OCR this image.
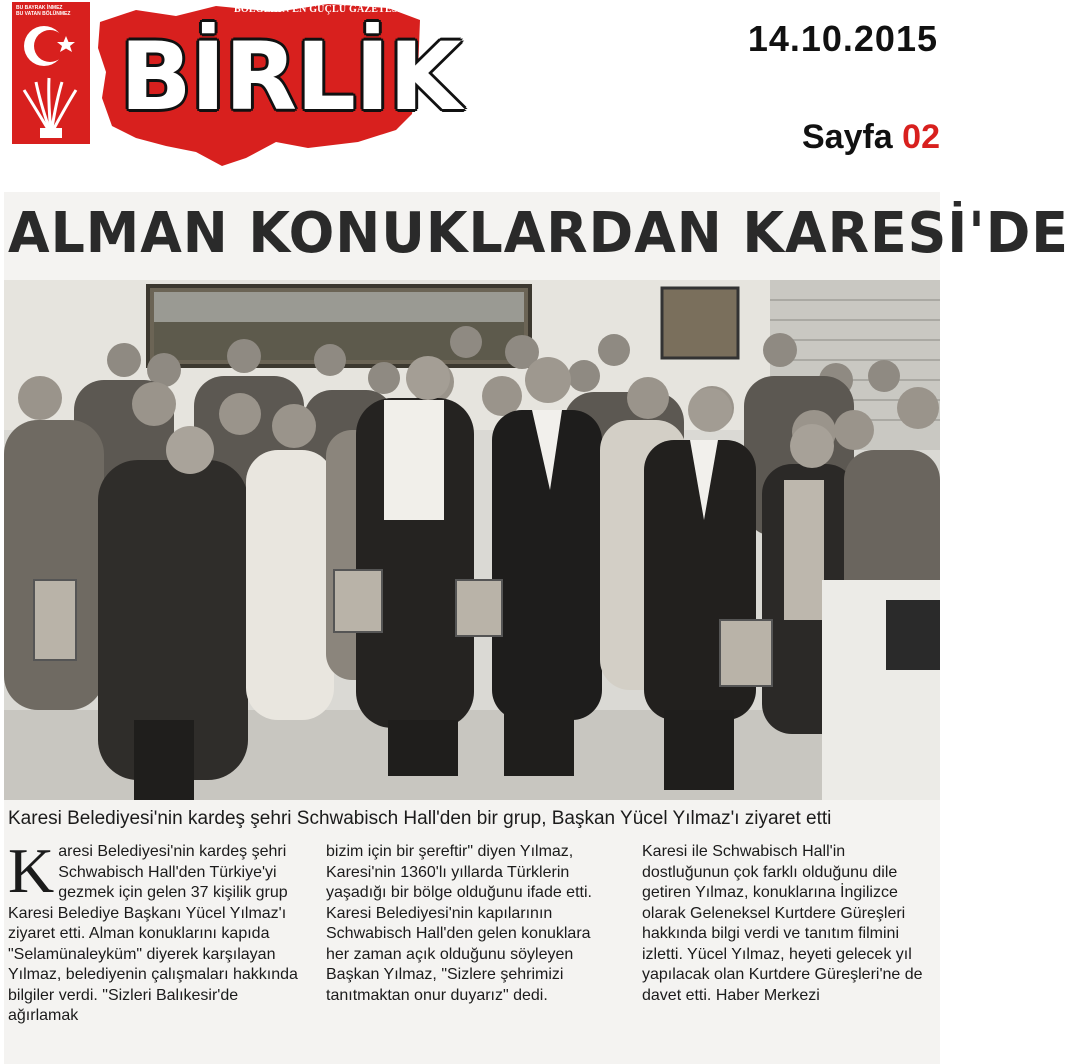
BU BAYRAK İNMEZ
BU VATAN BÖLÜNMEZ	BÖLGENİN EN GÜÇLÜ GAZETESİ
BİRLİK	14.10.2015
Sayfa 02
ALMAN KONUKLARDAN KARESİ'DE
Karesi Belediyesi'nin kardeş şehri Schwabisch Hall'den bir grup, Başkan Yücel Yılmaz'ı ziyaret etti
K aresi Belediyesi'nin kardeş şehri Schwabisch Hall'den Türkiye'yi gezmek için gelen 37 kişilik grup Karesi Belediye Başkanı Yücel Yılmaz'ı ziyaret etti. Alman konuklarını kapıda "Selamünaleyküm" diyerek karşılayan Yılmaz, belediyenin çalışmaları hakkında bilgiler verdi. "Sizleri Balıkesir'de ağırlamak

bizim için bir şereftir" diyen Yılmaz, Karesi'nin 1360'lı yıllarda Türklerin yaşadığı bir bölge olduğunu ifade etti. Karesi Belediyesi'nin kapılarının Schwabisch Hall'den gelen konuklara her zaman açık olduğunu söyleyen Başkan Yılmaz, "Sizlere şehrimizi tanıtmaktan onur duyarız" dedi.

Karesi ile Schwabisch Hall'in dostluğunun çok farklı olduğunu dile getiren Yılmaz, konuklarına İngilizce olarak Geleneksel Kurtdere Güreşleri hakkında bilgi verdi ve tanıtım filmini izletti. Yücel Yılmaz, heyeti gelecek yıl yapılacak olan Kurtdere Güreşleri'ne de davet etti. Haber Merkezi
